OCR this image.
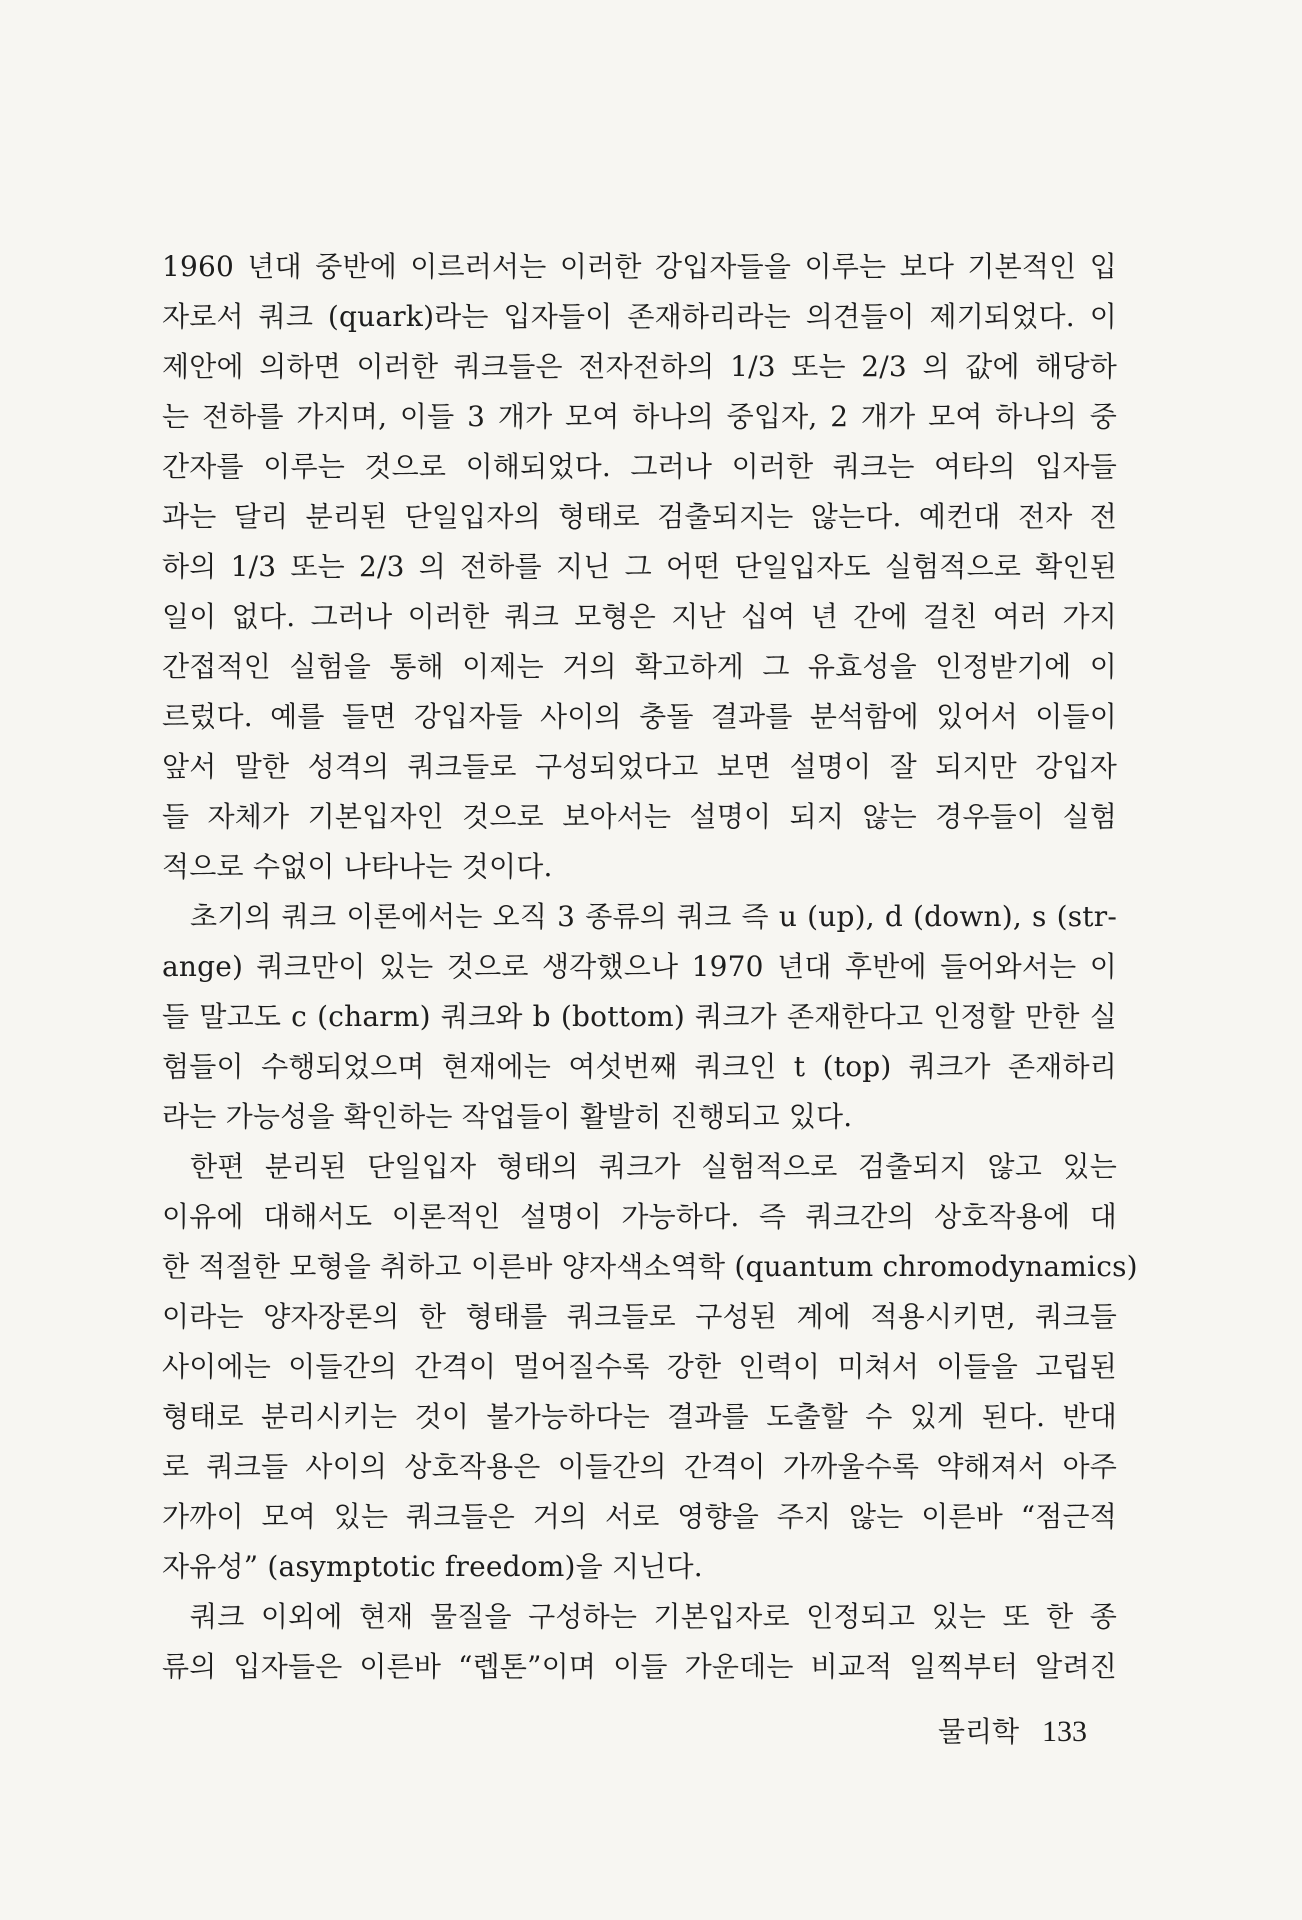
1960 년대 중반에 이르러서는 이러한 강입자들을 이루는 보다 기본적인 입
자로서 쿼크 (quark)라는 입자들이 존재하리라는 의견들이 제기되었다. 이
제안에 의하면 이러한 쿼크들은 전자전하의 1/3 또는 2/3 의 값에 해당하
는 전하를 가지며, 이들 3 개가 모여 하나의 중입자, 2 개가 모여 하나의 중
간자를 이루는 것으로 이해되었다. 그러나 이러한 쿼크는 여타의 입자들
과는 달리 분리된 단일입자의 형태로 검출되지는 않는다. 예컨대 전자 전
하의 1/3 또는 2/3 의 전하를 지닌 그 어떤 단일입자도 실험적으로 확인된
일이 없다. 그러나 이러한 쿼크 모형은 지난 십여 년 간에 걸친 여러 가지
간접적인 실험을 통해 이제는 거의 확고하게 그 유효성을 인정받기에 이
르렀다. 예를 들면 강입자들 사이의 충돌 결과를 분석함에 있어서 이들이
앞서 말한 성격의 쿼크들로 구성되었다고 보면 설명이 잘 되지만 강입자
들 자체가 기본입자인 것으로 보아서는 설명이 되지 않는 경우들이 실험
적으로 수없이 나타나는 것이다.
초기의 쿼크 이론에서는 오직 3 종류의 쿼크 즉 u (up), d (down), s (str-
ange) 쿼크만이 있는 것으로 생각했으나 1970 년대 후반에 들어와서는 이
들 말고도 c (charm) 쿼크와 b (bottom) 쿼크가 존재한다고 인정할 만한 실
험들이 수행되었으며 현재에는 여섯번째 쿼크인 t (top) 쿼크가 존재하리
라는 가능성을 확인하는 작업들이 활발히 진행되고 있다.
한편 분리된 단일입자 형태의 쿼크가 실험적으로 검출되지 않고 있는
이유에 대해서도 이론적인 설명이 가능하다. 즉 쿼크간의 상호작용에 대
한 적절한 모형을 취하고 이른바 양자색소역학 (quantum chromodynamics)
이라는 양자장론의 한 형태를 쿼크들로 구성된 계에 적용시키면, 쿼크들
사이에는 이들간의 간격이 멀어질수록 강한 인력이 미쳐서 이들을 고립된
형태로 분리시키는 것이 불가능하다는 결과를 도출할 수 있게 된다. 반대
로 쿼크들 사이의 상호작용은 이들간의 간격이 가까울수록 약해져서 아주
가까이 모여 있는 쿼크들은 거의 서로 영향을 주지 않는 이른바 “점근적
자유성” (asymptotic freedom)을 지닌다.
쿼크 이외에 현재 물질을 구성하는 기본입자로 인정되고 있는 또 한 종
류의 입자들은 이른바 “렙톤”이며 이들 가운데는 비교적 일찍부터 알려진
물리학 133
